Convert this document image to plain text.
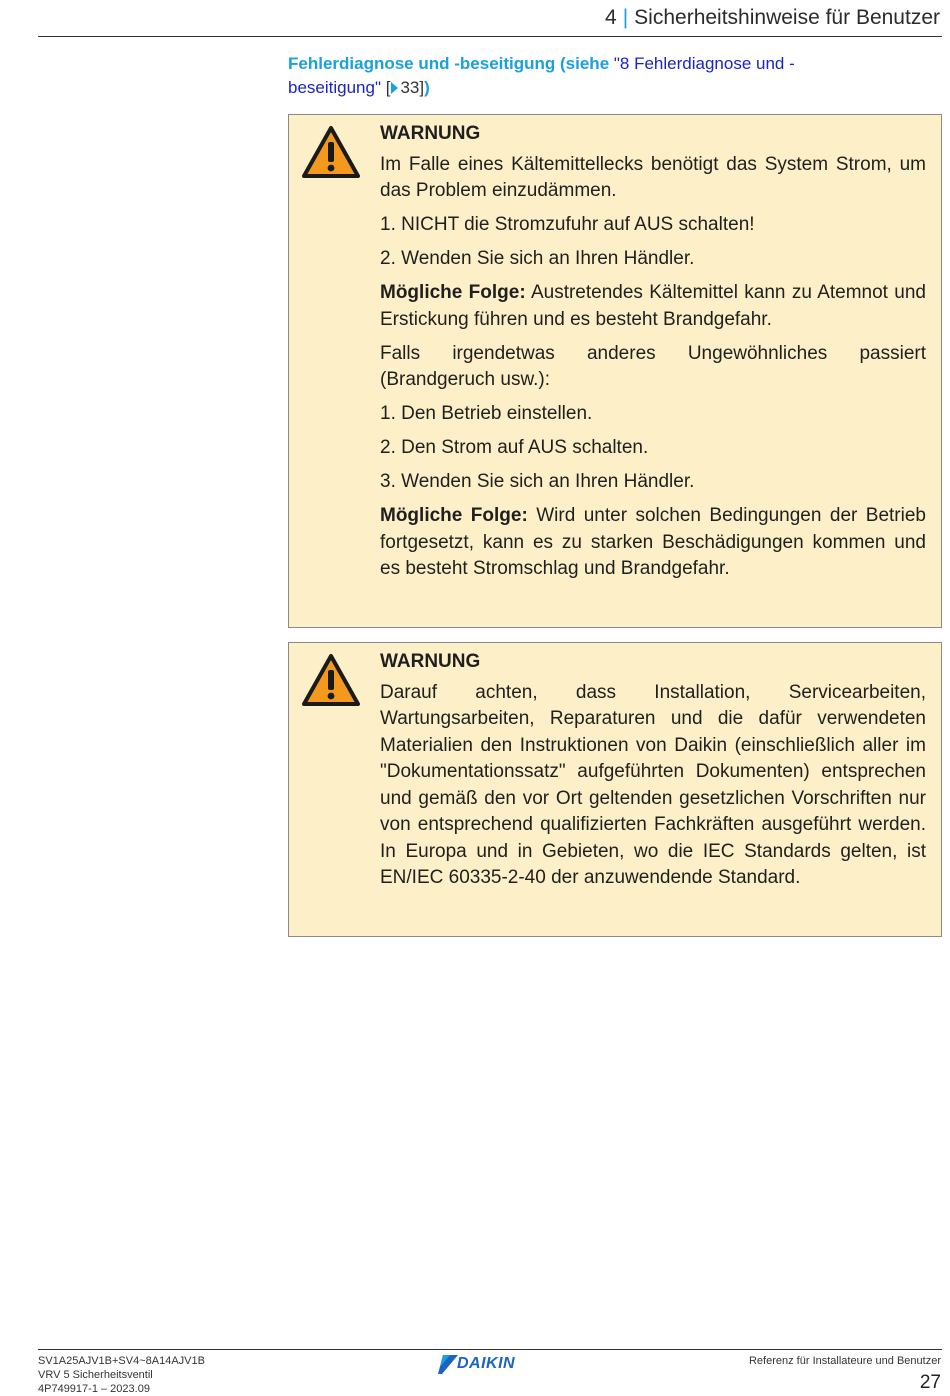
4 | Sicherheitshinweise für Benutzer
Fehlerdiagnose und -beseitigung (siehe "8 Fehlerdiagnose und -beseitigung" [ 33])
WARNUNG

Im Falle eines Kältemittellecks benötigt das System Strom, um das Problem einzudämmen.

1. NICHT die Stromzufuhr auf AUS schalten!

2. Wenden Sie sich an Ihren Händler.

Mögliche Folge: Austretendes Kältemittel kann zu Atemnot und Erstickung führen und es besteht Brandgefahr.

Falls irgendetwas anderes Ungewöhnliches passiert (Brandgeruch usw.):

1. Den Betrieb einstellen.

2. Den Strom auf AUS schalten.

3. Wenden Sie sich an Ihren Händler.

Mögliche Folge: Wird unter solchen Bedingungen der Betrieb fortgesetzt, kann es zu starken Beschädigungen kommen und es besteht Stromschlag und Brandgefahr.

WARNUNG

Darauf achten, dass Installation, Servicearbeiten, Wartungsarbeiten, Reparaturen und die dafür verwendeten Materialien den Instruktionen von Daikin (einschließlich aller im "Dokumentationssatz" aufgeführten Dokumenten) entsprechen und gemäß den vor Ort geltenden gesetzlichen Vorschriften nur von entsprechend qualifizierten Fachkräften ausgeführt werden. In Europa und in Gebieten, wo die IEC Standards gelten, ist EN/IEC 60335-2-40 der anzuwendende Standard.

SV1A25AJV1B+SV4~8A14AJV1B
VRV 5 Sicherheitsventil
4P749917-1 – 2023.09
DAIKIN	Referenz für Installateure und Benutzer
27
